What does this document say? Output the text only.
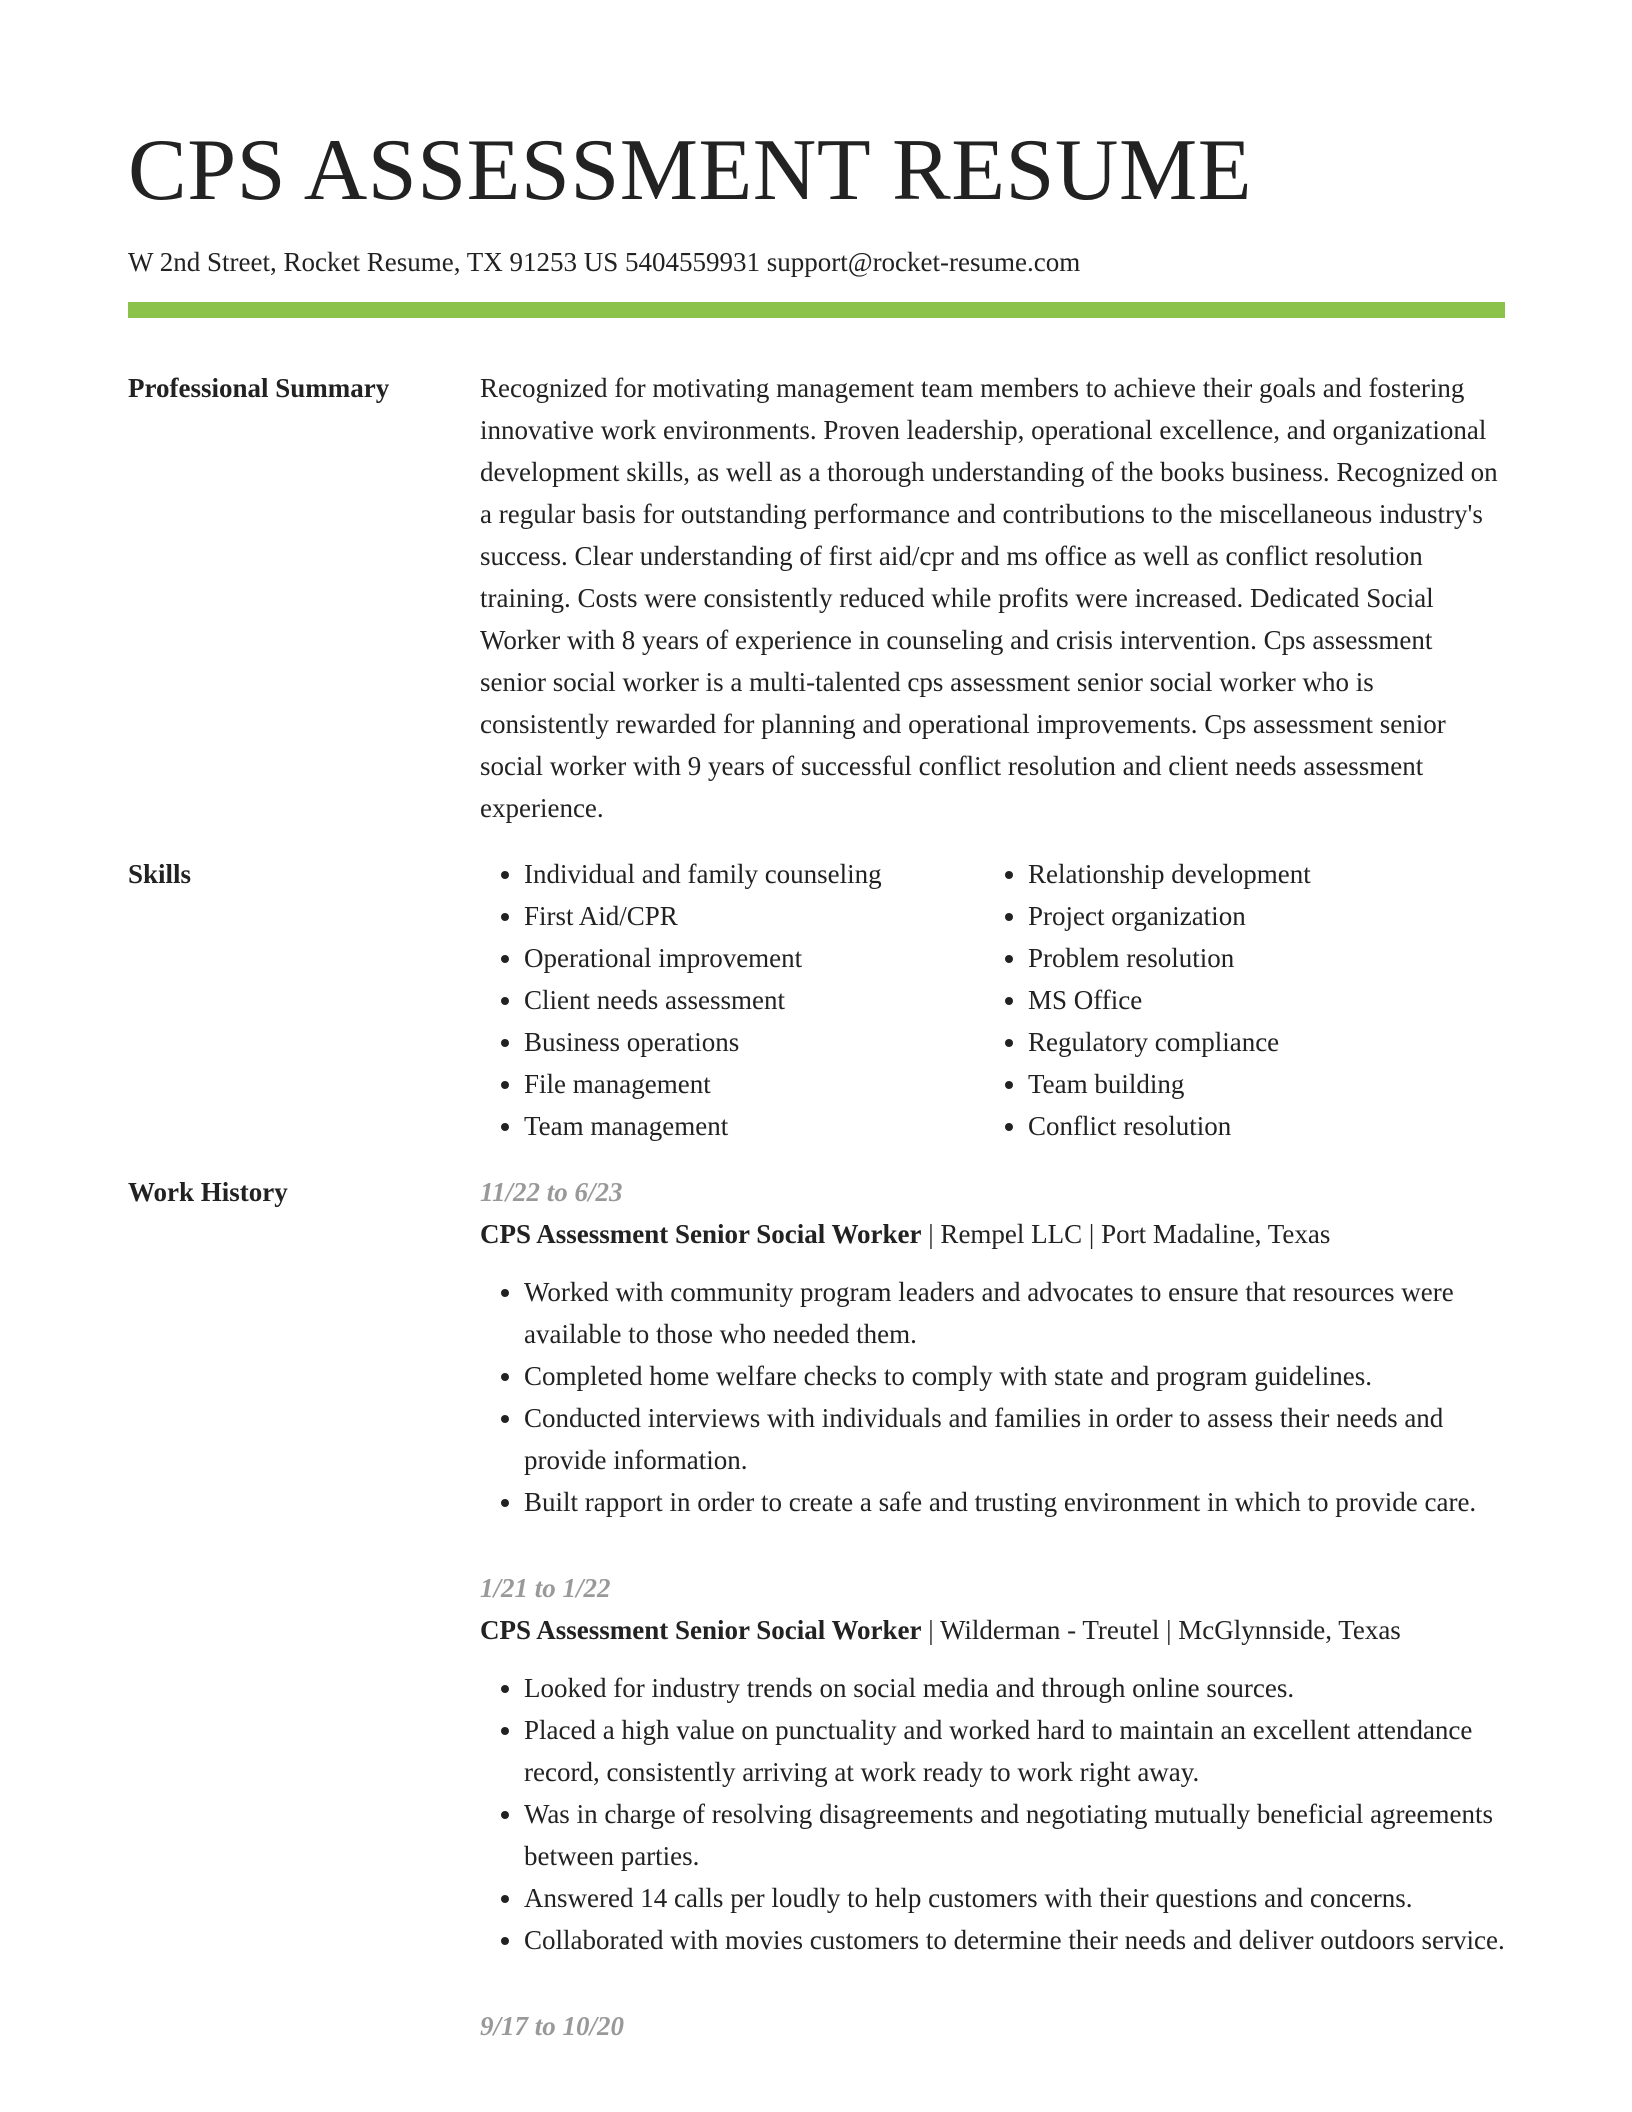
CPS ASSESSMENT RESUME
W 2nd Street, Rocket Resume, TX 91253 US 5404559931 support@rocket-resume.com
Professional Summary	Recognized for motivating management team members to achieve their goals and fostering innovative work environments. Proven leadership, operational excellence, and organizational development skills, as well as a thorough understanding of the books business. Recognized on a regular basis for outstanding performance and contributions to the miscellaneous industry's success. Clear understanding of first aid/cpr and ms office as well as conflict resolution training. Costs were consistently reduced while profits were increased. Dedicated Social Worker with 8 years of experience in counseling and crisis intervention. Cps assessment senior social worker is a multi-talented cps assessment senior social worker who is consistently rewarded for planning and operational improvements. Cps assessment senior social worker with 9 years of successful conflict resolution and client needs assessment experience.

Skills
•	Individual and family counseling
• First Aid/CPR
• Operational improvement
• Client needs assessment
• Business operations
• File management
• Team management
• Relationship development
• Project organization
• Problem resolution
• MS Office
• Regulatory compliance
• Team building
• Conflict resolution
Work History	11/22 to 6/23
CPS Assessment Senior Social Worker | Rempel LLC | Port Madaline, Texas
• Worked with community program leaders and advocates to ensure that resources were available to those who needed them.
• Completed home welfare checks to comply with state and program guidelines.
• Conducted interviews with individuals and families in order to assess their needs and provide information.
• Built rapport in order to create a safe and trusting environment in which to provide care.
1/21 to 1/22
CPS Assessment Senior Social Worker | Wilderman - Treutel | McGlynnside, Texas
• Looked for industry trends on social media and through online sources.
• Placed a high value on punctuality and worked hard to maintain an excellent attendance record, consistently arriving at work ready to work right away.
• Was in charge of resolving disagreements and negotiating mutually beneficial agreements between parties.
• Answered 14 calls per loudly to help customers with their questions and concerns.
• Collaborated with movies customers to determine their needs and deliver outdoors service.
9/17 to 10/20
